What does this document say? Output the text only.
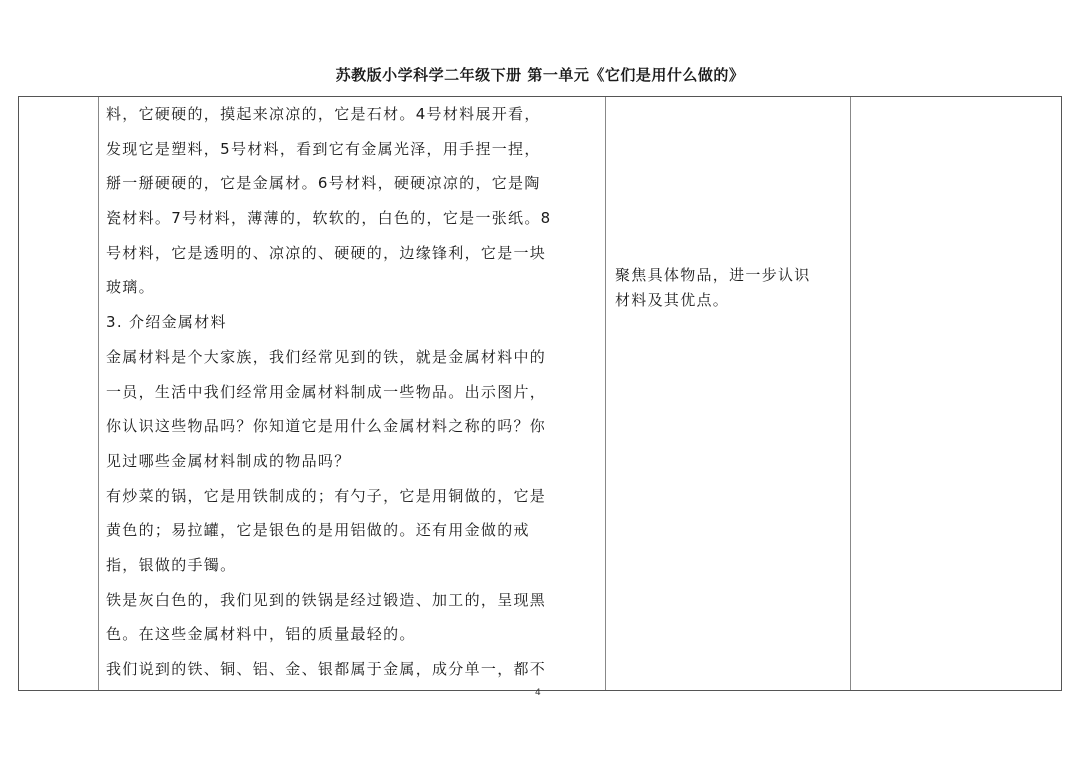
苏教版小学科学二年级下册 第一单元《它们是用什么做的》
料，它硬硬的，摸起来凉凉的，它是石材。4号材料展开看，
发现它是塑料，5号材料，看到它有金属光泽，用手捏一捏，
掰一掰硬硬的，它是金属材。6号材料，硬硬凉凉的，它是陶
瓷材料。7号材料，薄薄的，软软的，白色的，它是一张纸。8
号材料，它是透明的、凉凉的、硬硬的，边缘锋利，它是一块
玻璃。
3. 介绍金属材料
金属材料是个大家族，我们经常见到的铁，就是金属材料中的
一员，生活中我们经常用金属材料制成一些物品。出示图片，
你认识这些物品吗？你知道它是用什么金属材料之称的吗？你
见过哪些金属材料制成的物品吗？
有炒菜的锅，它是用铁制成的；有勺子，它是用铜做的，它是
黄色的；易拉罐，它是银色的是用铝做的。还有用金做的戒
指，银做的手镯。
铁是灰白色的，我们见到的铁锅是经过锻造、加工的，呈现黑
色。在这些金属材料中，铝的质量最轻的。
我们说到的铁、铜、铝、金、银都属于金属，成分单一，都不
聚焦具体物品，进一步认识
材料及其优点。
4
